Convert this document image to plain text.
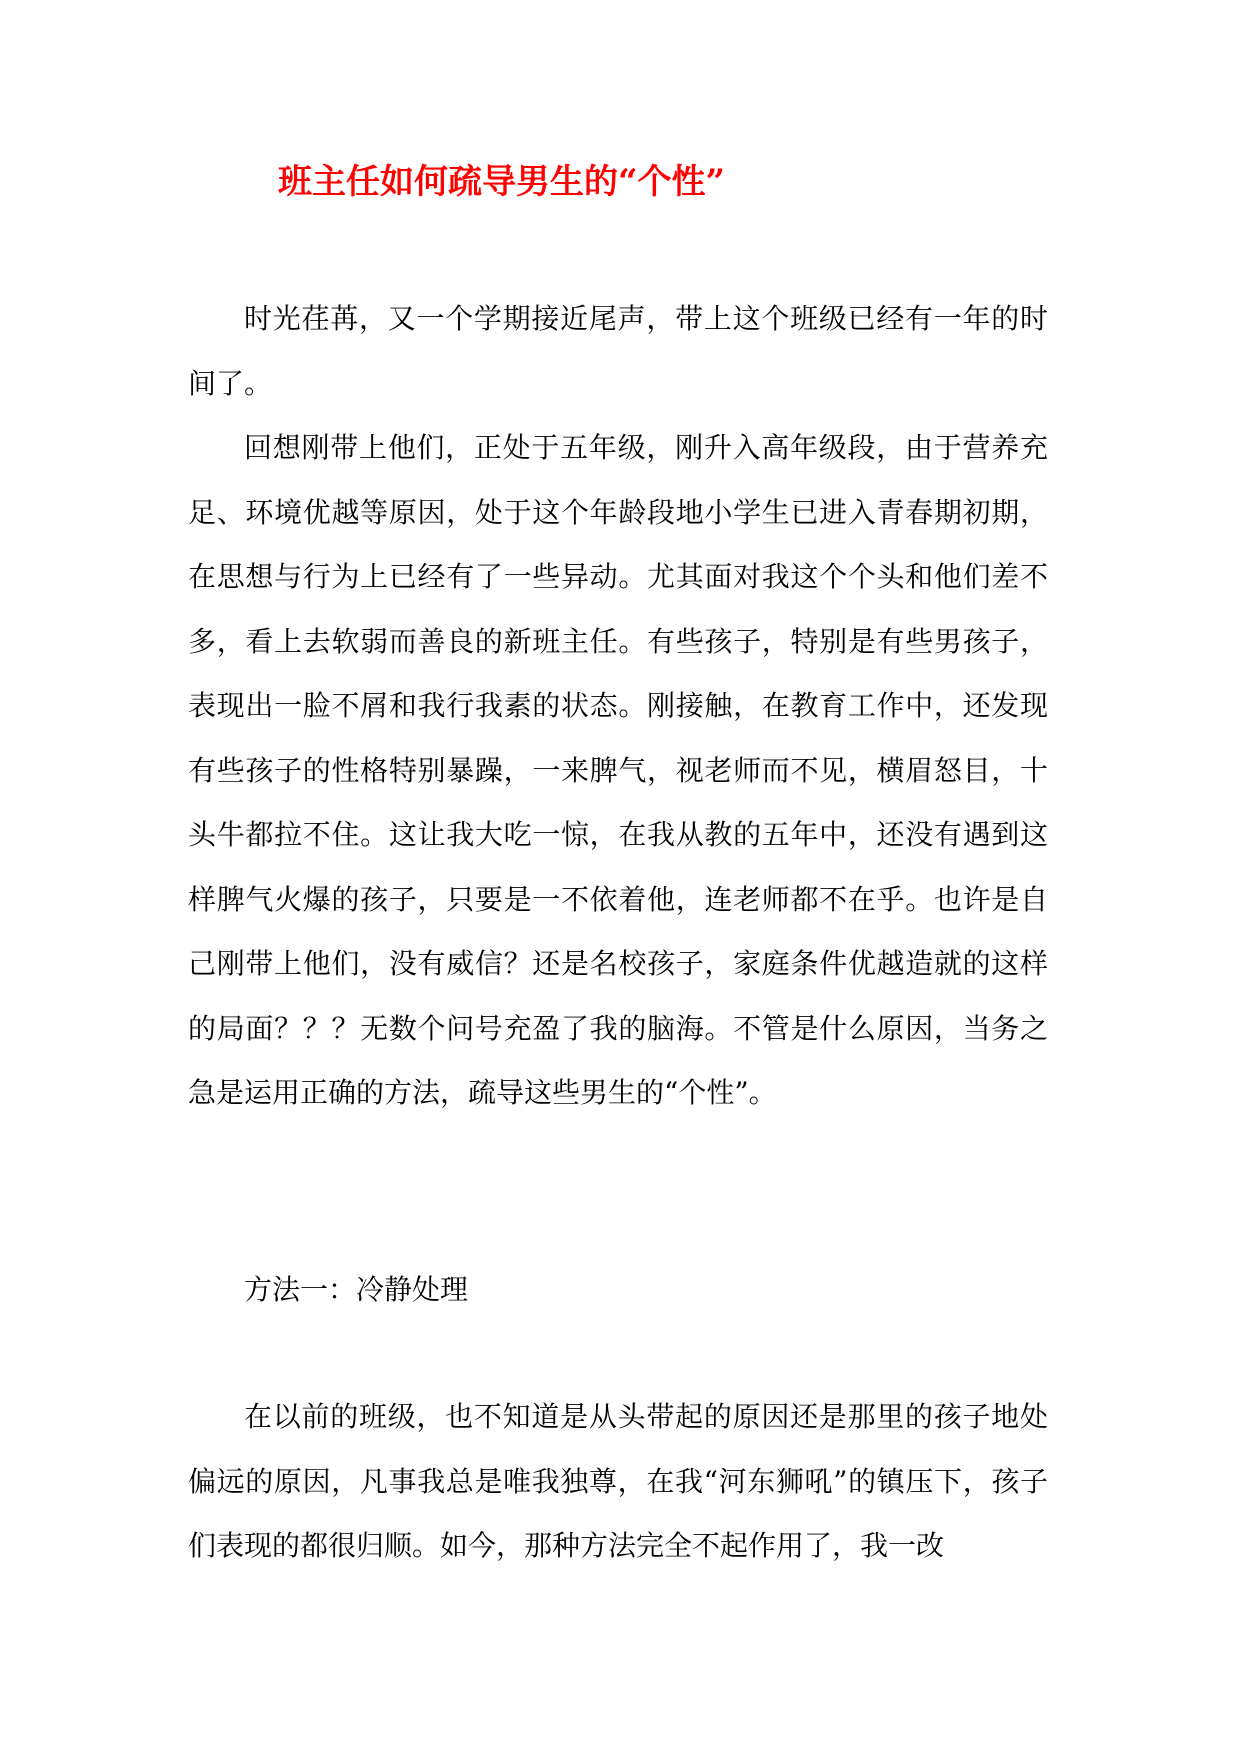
班主任如何疏导男生的“个性”

时光荏苒，又一个学期接近尾声，带上这个班级已经有一年的时间了。

回想刚带上他们，正处于五年级，刚升入高年级段，由于营养充足、环境优越等原因，处于这个年龄段地小学生已进入青春期初期，在思想与行为上已经有了一些异动。尤其面对我这个个头和他们差不多，看上去软弱而善良的新班主任。有些孩子，特别是有些男孩子，表现出一脸不屑和我行我素的状态。刚接触，在教育工作中，还发现有些孩子的性格特别暴躁，一来脾气，视老师而不见，横眉怒目，十头牛都拉不住。这让我大吃一惊，在我从教的五年中，还没有遇到这样脾气火爆的孩子，只要是一不依着他，连老师都不在乎。也许是自己刚带上他们，没有威信？还是名校孩子，家庭条件优越造就的这样的局面？？？无数个问号充盈了我的脑海。不管是什么原因，当务之急是运用正确的方法，疏导这些男生的“个性”。

方法一：冷静处理

在以前的班级，也不知道是从头带起的原因还是那里的孩子地处偏远的原因，凡事我总是唯我独尊，在我“河东狮吼”的镇压下，孩子们表现的都很归顺。如今，那种方法完全不起作用了，我一改
